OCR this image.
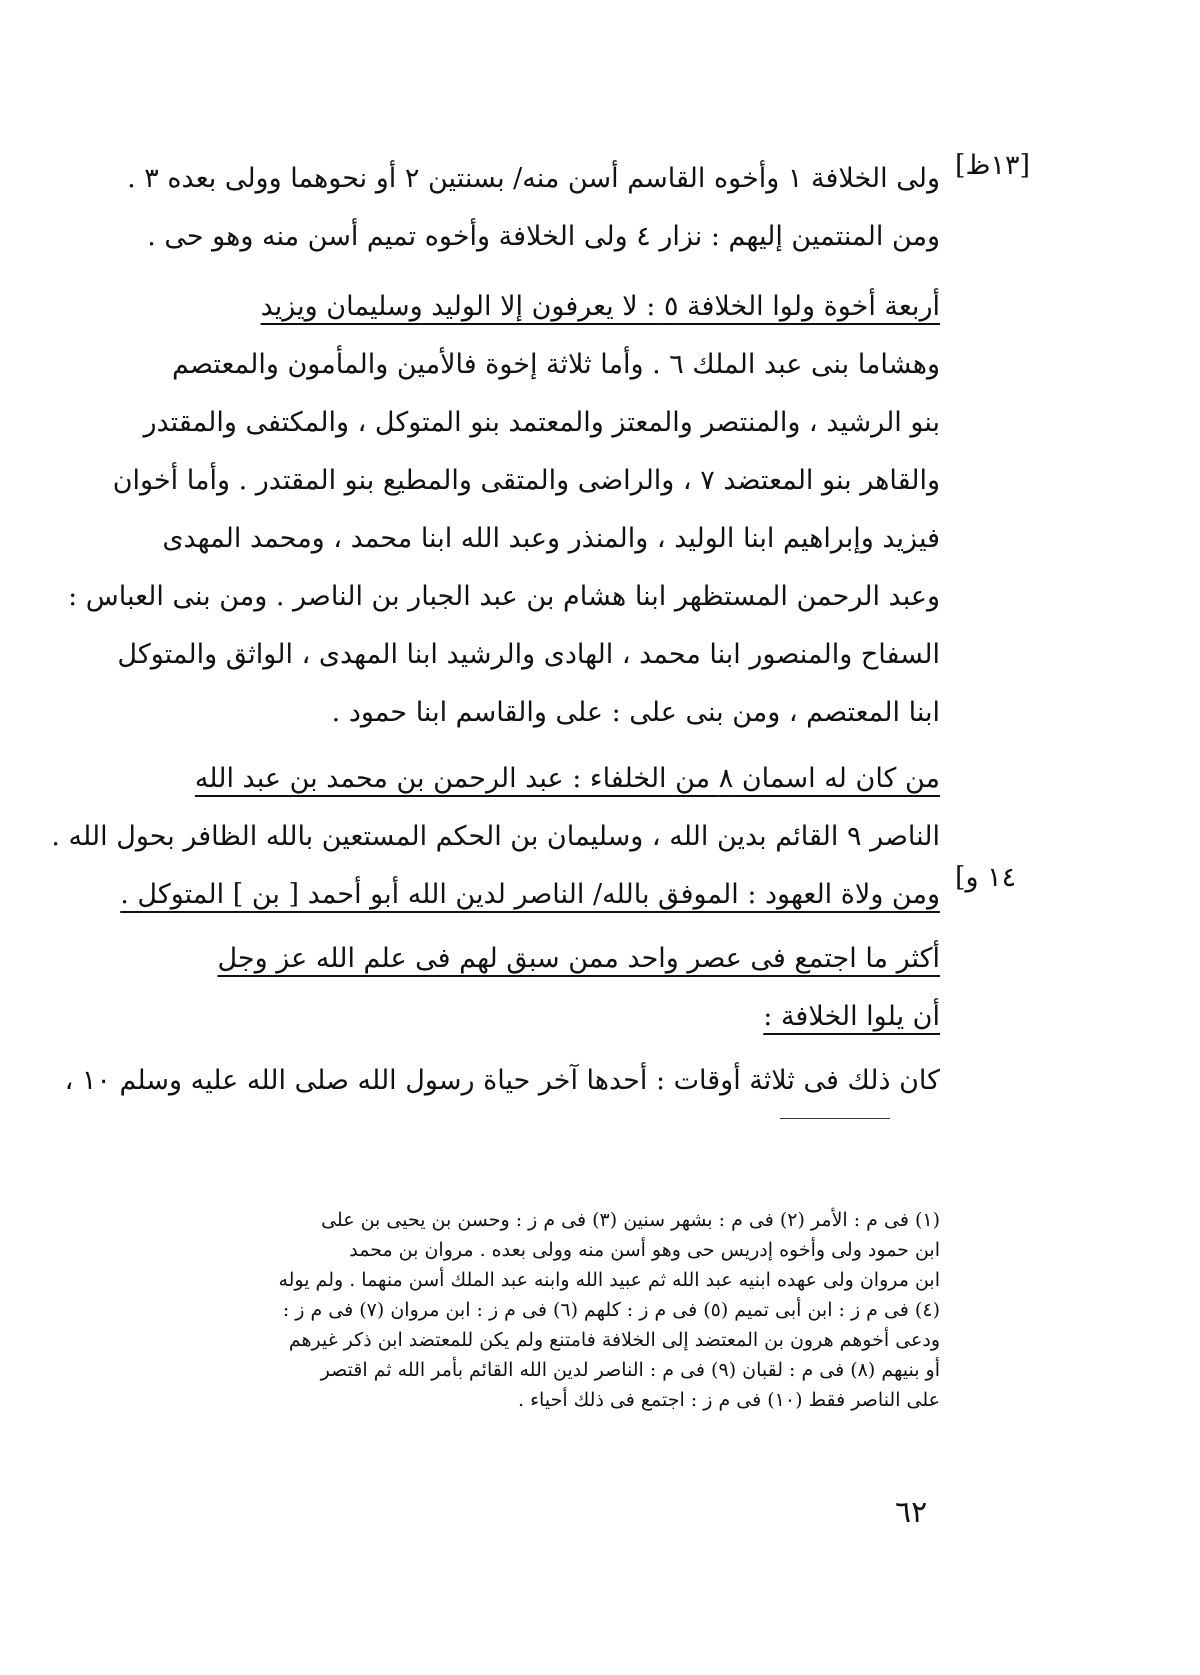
[١٣ظ]
١٤ و]
ولى الخلافة ١ وأخوه القاسم أسن منه/ بسنتين ٢ أو نحوهما وولى بعده ٣ .
ومن المنتمين إليهم : نزار ٤ ولى الخلافة وأخوه تميم أسن منه وهو حى .
أربعة أخوة ولوا الخلافة ٥ : لا يعرفون إلا الوليد وسليمان ويزيد
وهشاما بنى عبد الملك ٦ . وأما ثلاثة إخوة فالأمين والمأمون والمعتصم
بنو الرشيد ، والمنتصر والمعتز والمعتمد بنو المتوكل ، والمكتفى والمقتدر
والقاهر بنو المعتضد ٧ ، والراضى والمتقى والمطيع بنو المقتدر . وأما أخوان
فيزيد وإبراهيم ابنا الوليد ، والمنذر وعبد الله ابنا محمد ، ومحمد المهدى
وعبد الرحمن المستظهر ابنا هشام بن عبد الجبار بن الناصر . ومن بنى العباس :
السفاح والمنصور ابنا محمد ، الهادى والرشيد ابنا المهدى ، الواثق والمتوكل
ابنا المعتصم ، ومن بنى على : على والقاسم ابنا حمود .
من كان له اسمان ٨ من الخلفاء : عبد الرحمن بن محمد بن عبد الله
الناصر ٩ القائم بدين الله ، وسليمان بن الحكم المستعين بالله الظافر بحول الله .
ومن ولاة العهود : الموفق بالله/ الناصر لدين الله أبو أحمد [ بن ] المتوكل .
أكثر ما اجتمع فى عصر واحد ممن سبق لهم فى علم الله عز وجل
أن يلوا الخلافة :
كان ذلك فى ثلاثة أوقات : أحدها آخر حياة رسول الله صلى الله عليه وسلم ١٠ ،
(١) فى م : الأمر (٢) فى م : بشهر سنين (٣) فى م ز : وحسن بن يحيى بن على
ابن حمود ولى وأخوه إدريس حى وهو أسن منه وولى بعده . مروان بن محمد
ابن مروان ولى عهده ابنيه عبد الله ثم عبيد الله وابنه عبد الملك أسن منهما . ولم يوله
(٤) فى م ز : ابن أبى تميم (٥) فى م ز : كلهم (٦) فى م ز : ابن مروان (٧) فى م ز :
ودعى أخوهم هرون بن المعتضد إلى الخلافة فامتنع ولم يكن للمعتضد ابن ذكر غيرهم
أو بنيهم (٨) فى م : لقبان (٩) فى م : الناصر لدين الله القائم بأمر الله ثم اقتصر
على الناصر فقط (١٠) فى م ز : اجتمع فى ذلك أحياء .
٦٢
